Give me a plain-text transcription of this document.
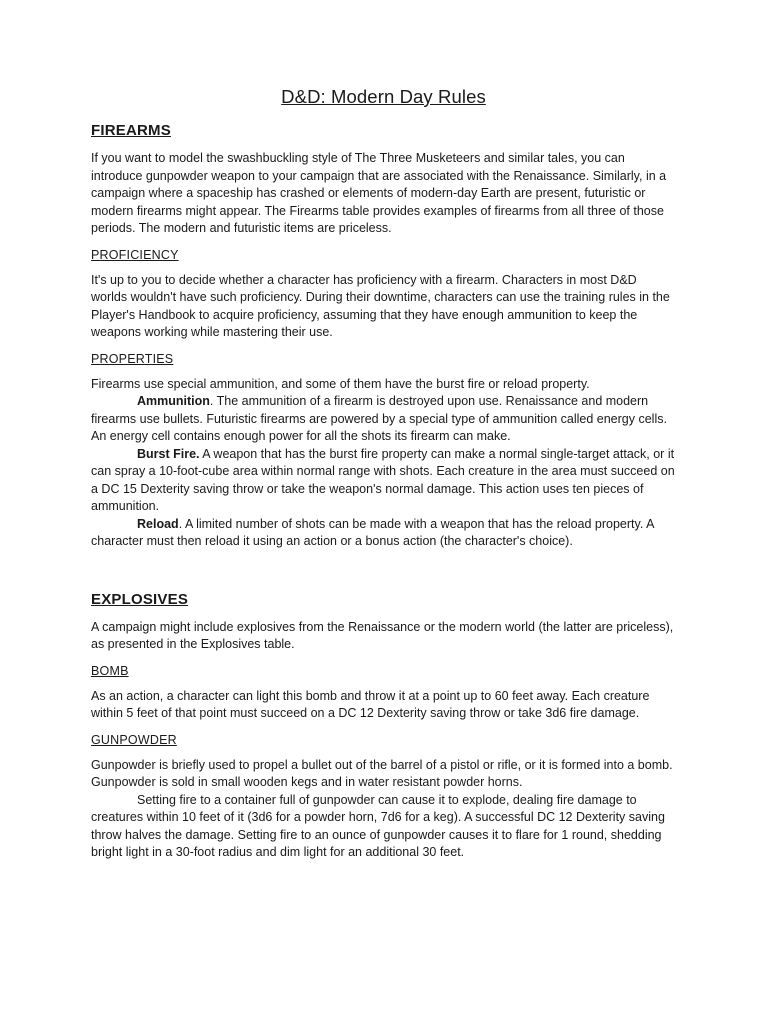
D&D: Modern Day Rules
FIREARMS

If you want to model the swashbuckling style of The Three Musketeers and similar tales, you can introduce gunpowder weapon to your campaign that are associated with the Renaissance. Similarly, in a campaign where a spaceship has crashed or elements of modern-day Earth are present, futuristic or modern firearms might appear. The Firearms table provides examples of firearms from all three of those periods. The modern and futuristic items are priceless.

PROFICIENCY

It's up to you to decide whether a character has proficiency with a firearm. Characters in most D&D worlds wouldn't have such proficiency. During their downtime, characters can use the training rules in the Player's Handbook to acquire proficiency, assuming that they have enough ammunition to keep the weapons working while mastering their use.

PROPERTIES

Firearms use special ammunition, and some of them have the burst fire or reload property.

Ammunition. The ammunition of a firearm is destroyed upon use. Renaissance and modern firearms use bullets. Futuristic firearms are powered by a special type of ammunition called energy cells. An energy cell contains enough power for all the shots its firearm can make.

Burst Fire. A weapon that has the burst fire property can make a normal single-target attack, or it can spray a 10-foot-cube area within normal range with shots. Each creature in the area must succeed on a DC 15 Dexterity saving throw or take the weapon's normal damage. This action uses ten pieces of ammunition.

Reload. A limited number of shots can be made with a weapon that has the reload property. A character must then reload it using an action or a bonus action (the character's choice).

EXPLOSIVES

A campaign might include explosives from the Renaissance or the modern world (the latter are priceless), as presented in the Explosives table.

BOMB

As an action, a character can light this bomb and throw it at a point up to 60 feet away. Each creature within 5 feet of that point must succeed on a DC 12 Dexterity saving throw or take 3d6 fire damage.

GUNPOWDER

Gunpowder is briefly used to propel a bullet out of the barrel of a pistol or rifle, or it is formed into a bomb. Gunpowder is sold in small wooden kegs and in water resistant powder horns.

Setting fire to a container full of gunpowder can cause it to explode, dealing fire damage to creatures within 10 feet of it (3d6 for a powder horn, 7d6 for a keg). A successful DC 12 Dexterity saving throw halves the damage. Setting fire to an ounce of gunpowder causes it to flare for 1 round, shedding bright light in a 30-foot radius and dim light for an additional 30 feet.
